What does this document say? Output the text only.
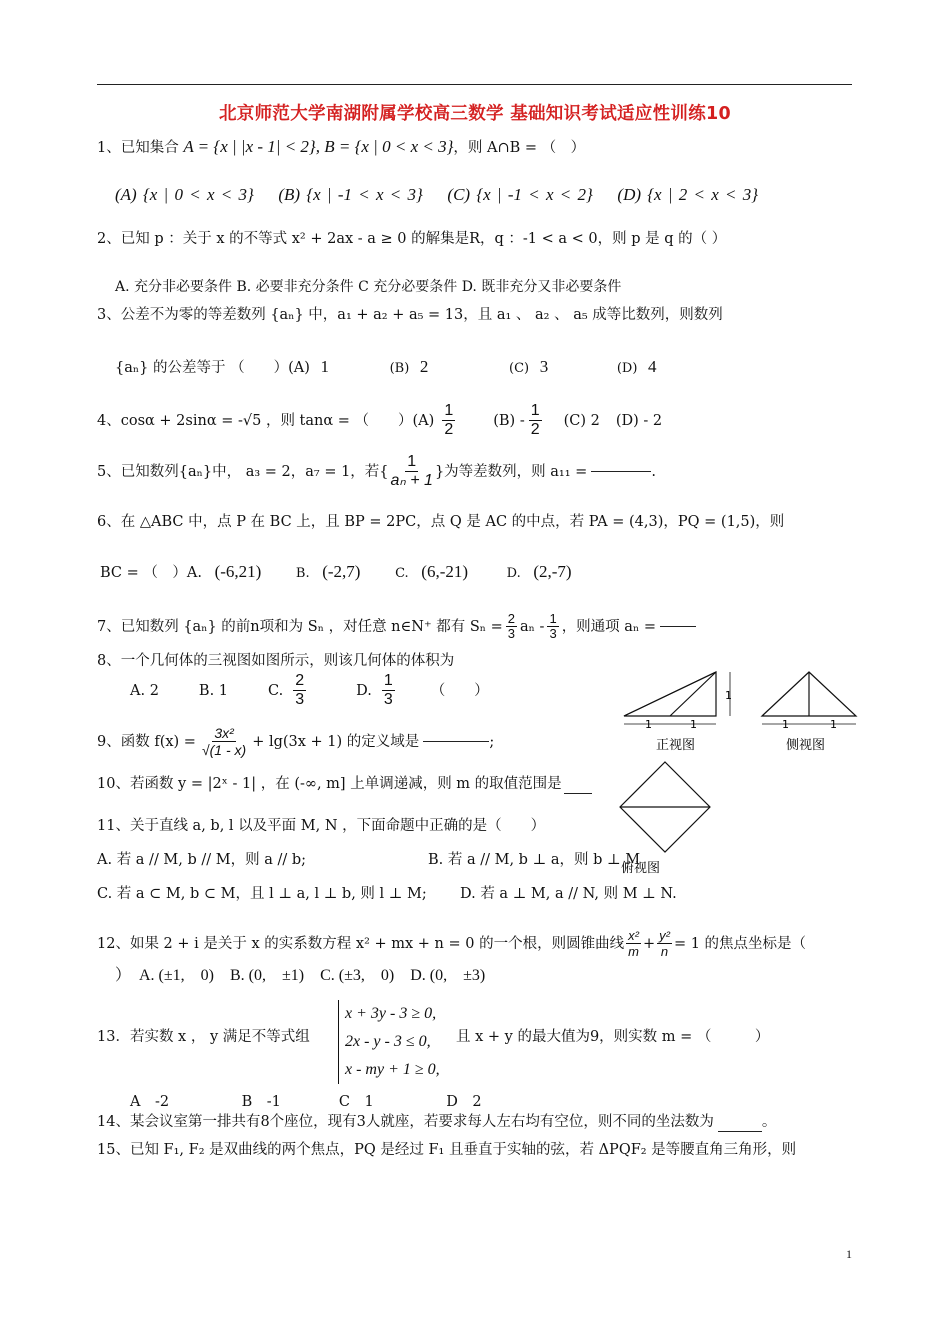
北京师范大学南湖附属学校高三数学 基础知识考试适应性训练10
1、已知集合 A = {x | |x - 1| < 2}, B = {x | 0 < x < 3}，则 A∩B = （　）
(A) {x | 0 < x < 3} (B) {x | -1 < x < 3} (C) {x | -1 < x < 2} (D) {x | 2 < x < 3}
2、已知 p ：关于 x 的不等式 x² + 2ax - a ≥ 0 的解集是R，q ：-1 < a < 0，则 p 是 q 的（ ）
A. 充分非必要条件 B. 必要非充分条件 C 充分必要条件 D. 既非充分又非必要条件
3、公差不为零的等差数列 {aₙ} 中，a₁ + a₂ + a₅ = 13，且 a₁ 、 a₂ 、 a₅ 成等比数列，则数列
{aₙ} 的公差等于 （　　）(A) 1	(B) 2	(C) 3	(D) 4
4、cosα + 2sinα = -√5 ，则 tanα = （　　）$(A) \frac{1}{2}$	$(B) - \frac{1}{2} (C)$ 2 (D) - 2
5、已知数列{aₙ}中， a₃ = 2，a₇ = 1，若{ $\frac{1}{\text{aₙ + 1}}$ }为等差数列，则 a₁₁ =	.
6、在 △ABC 中，点 P 在 BC 上，且 BP = 2PC，点 Q 是 AC 的中点，若 PA = (4,3)，PQ = (1,5)，则
BC = （　）A. (-6,21)	B. (-2,7)	C. (6,-21)	D. (2,-7)
7、已知数列 {aₙ} 的前n项和为 Sₙ ，对任意 n∈N⁺ 都有 $S_n = \frac{2}{3}$ aₙ - $\frac{1}{3}$ ，则通项 aₙ =
8、一个几何体的三视图如图所示，则该几何体的体积为
A. 2	B. 1	C. $\frac{2}{3}$	D. $\frac{1}{3}$ （　　）
1	1
1
正视图
1	1
侧视图
俯视图
9、函数 $f(x) = \frac{\text{3x²}}{√(1 - x)} + \lg(3x + 1)$ 的定义域是	;
10、若函数 y = |2ˣ - 1| ，在 (-∞, m] 上单调递减，则 m 的取值范围是
11、关于直线 a, b, l 以及平面 M, N ，下面命题中正确的是（　　）
A. 若 a // M, b // M，则 a // b;	B. 若 a // M, b ⊥ a，则 b ⊥ M
C. 若 a ⊂ M, b ⊂ M，且 l ⊥ a, l ⊥ b, 则 l ⊥ M; D. 若 a ⊥ M, a // N, 则 M ⊥ N.
12、如果 2 + i 是关于 x 的实系数方程 x² + mx + n = 0 的一个根，则圆锥曲线 $\frac{\text{x²}}{m} + \frac{\text{y²}}{n} = 1$ 的焦点坐标是（
）　A. (±1,　0)　B. (0,　±1)　C. (±3,　0)　D. (0,　±3)
13．若实数 x ， y 满足不等式组
x + 3y - 3 ≥ 0,
2x - y - 3 ≤ 0,
x - my + 1 ≥ 0,
且 x + y 的最大值为9，则实数 m = （　　　）
A　-2　　　　　B　-1　　　　C　1　　　　　D　2
14、某会议室第一排共有8个座位，现有3人就座，若要求每人左右均有空位，则不同的坐法数为	。
15、已知 F₁, F₂ 是双曲线的两个焦点，PQ 是经过 F₁ 且垂直于实轴的弦，若 ΔPQF₂ 是等腰直角三角形，则
1
